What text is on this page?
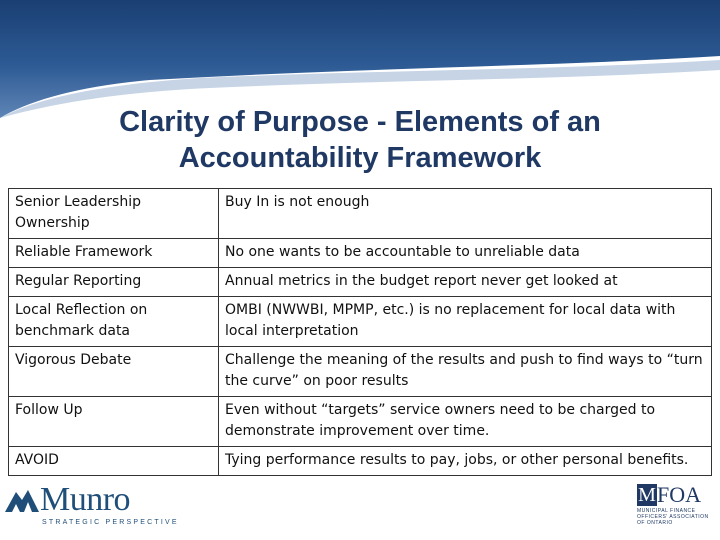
Clarity of Purpose - Elements of an Accountability Framework
Senior Leadership Ownership	Buy In is not enough
Reliable Framework	No one wants to be accountable to unreliable data
Regular Reporting	Annual metrics in the budget report never get looked at
Local Reflection on benchmark data	OMBI (NWWBI, MPMP, etc.) is no replacement for local data with local interpretation
Vigorous Debate	Challenge the meaning of the results and push to find ways to “turn the curve” on poor results
Follow Up	Even without “targets” service owners need to be charged to demonstrate improvement over time.
AVOID	Tying performance results to pay, jobs, or other personal benefits.
Munro
STRATEGIC PERSPECTIVE
M FOA
MUNICIPAL FINANCE OFFICERS' ASSOCIATION OF ONTARIO
